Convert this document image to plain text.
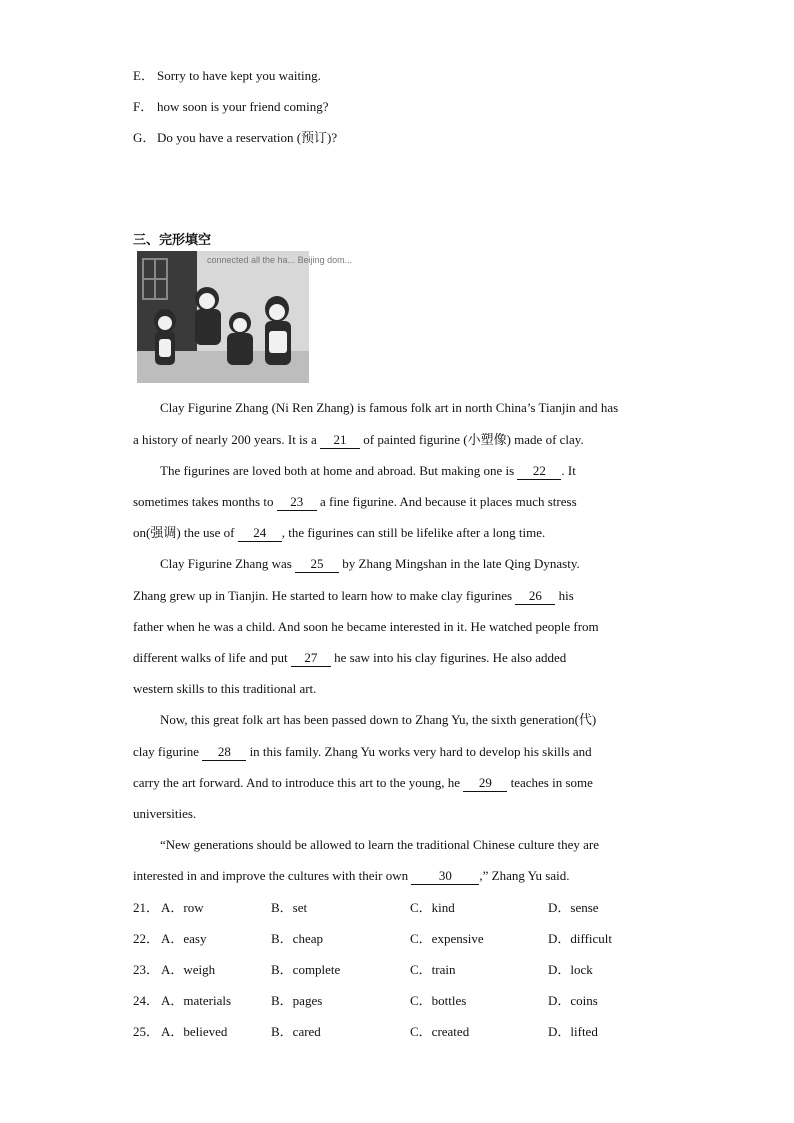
E． Sorry to have kept you waiting.
F． how soon is your friend coming?
G． Do you have a reservation (预订)?
三、完形填空
connected all the ha... Beijing dom...
Clay Figurine Zhang (Ni Ren Zhang) is famous folk art in north China’s Tianjin and has
a history of nearly 200 years. It is a 21 of painted figurine (小塑像) made of clay.
The figurines are loved both at home and abroad. But making one is 22 . It
sometimes takes months to 23 a fine figurine. And because it places much stress
on(强调) the use of 24 , the figurines can still be lifelike after a long time.
Clay Figurine Zhang was 25 by Zhang Mingshan in the late Qing Dynasty.
Zhang grew up in Tianjin. He started to learn how to make clay figurines 26 his
father when he was a child. And soon he became interested in it. He watched people from
different walks of life and put 27 he saw into his clay figurines. He also added
western skills to this traditional art.
Now, this great folk art has been passed down to Zhang Yu, the sixth generation(代)
clay figurine 28 in this family. Zhang Yu works very hard to develop his skills and
carry the art forward. And to introduce this art to the young, he 29 teaches in some
universities.
“New generations should be allowed to learn the traditional Chinese culture they are
interested in and improve the cultures with their own 30 ,” Zhang Yu said.
21． A．row	B．set	C．kind	D．sense
22． A．easy	B．cheap	C．expensive	D．difficult
23． A．weigh	B．complete	C．train	D．lock
24． A．materials	B．pages	C．bottles	D．coins
25． A．believed	B．cared	C．created	D．lifted
